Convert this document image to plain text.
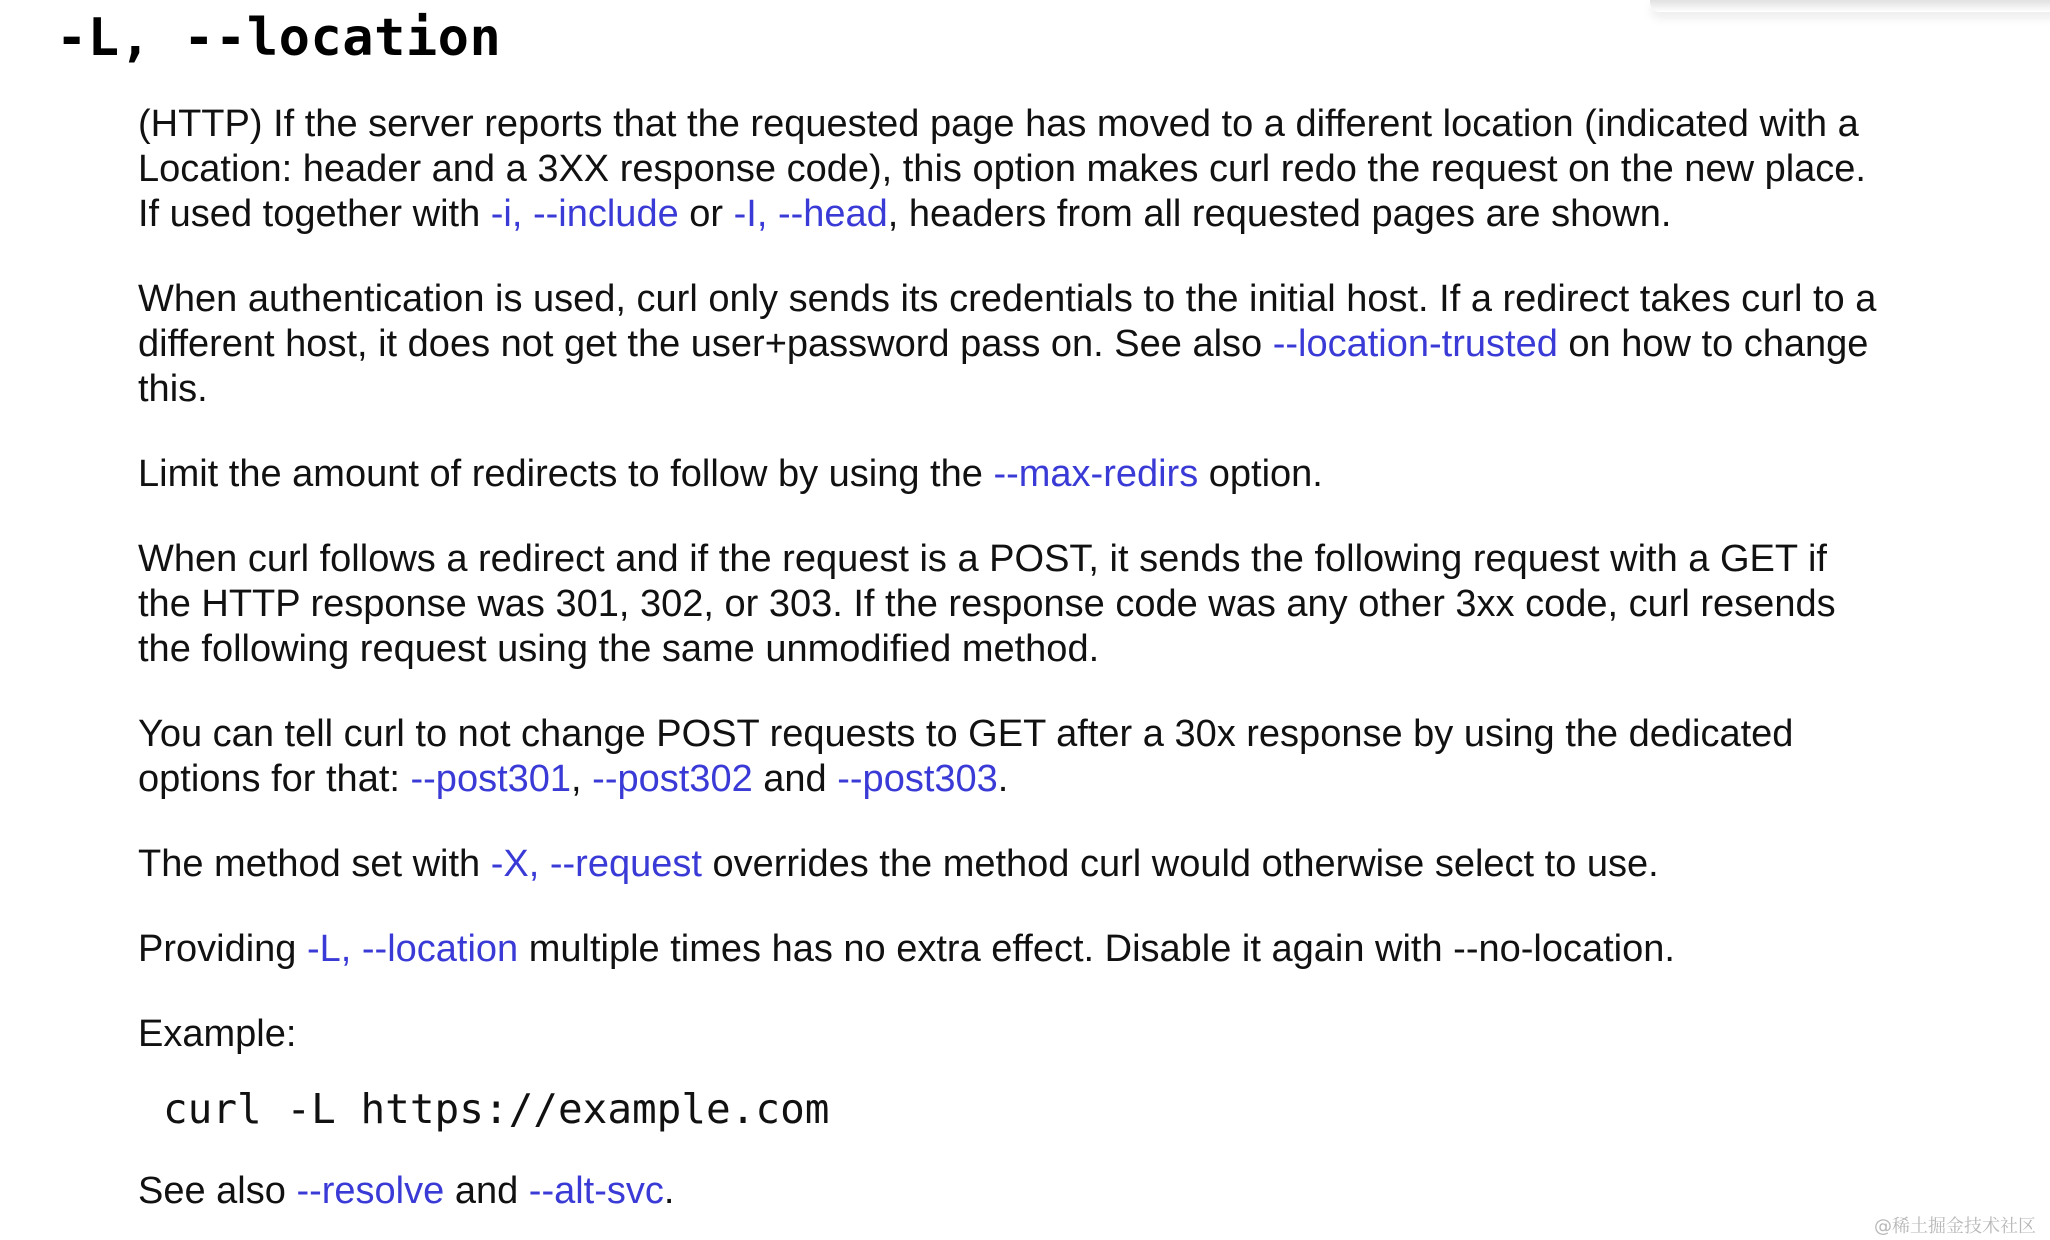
-L, --location

(HTTP) If the server reports that the requested page has moved to a different location (indicated with a
Location: header and a 3XX response code), this option makes curl redo the request on the new place.
If used together with -i, --include or -I, --head, headers from all requested pages are shown.

When authentication is used, curl only sends its credentials to the initial host. If a redirect takes curl to a
different host, it does not get the user+password pass on. See also --location-trusted on how to change
this.

Limit the amount of redirects to follow by using the --max-redirs option.

When curl follows a redirect and if the request is a POST, it sends the following request with a GET if
the HTTP response was 301, 302, or 303. If the response code was any other 3xx code, curl resends
the following request using the same unmodified method.

You can tell curl to not change POST requests to GET after a 30x response by using the dedicated
options for that: --post301, --post302 and --post303.

The method set with -X, --request overrides the method curl would otherwise select to use.

Providing -L, --location multiple times has no extra effect. Disable it again with --no-location.

Example:

curl -L https://example.com

See also --resolve and --alt-svc.

@稀土掘金技术社区
